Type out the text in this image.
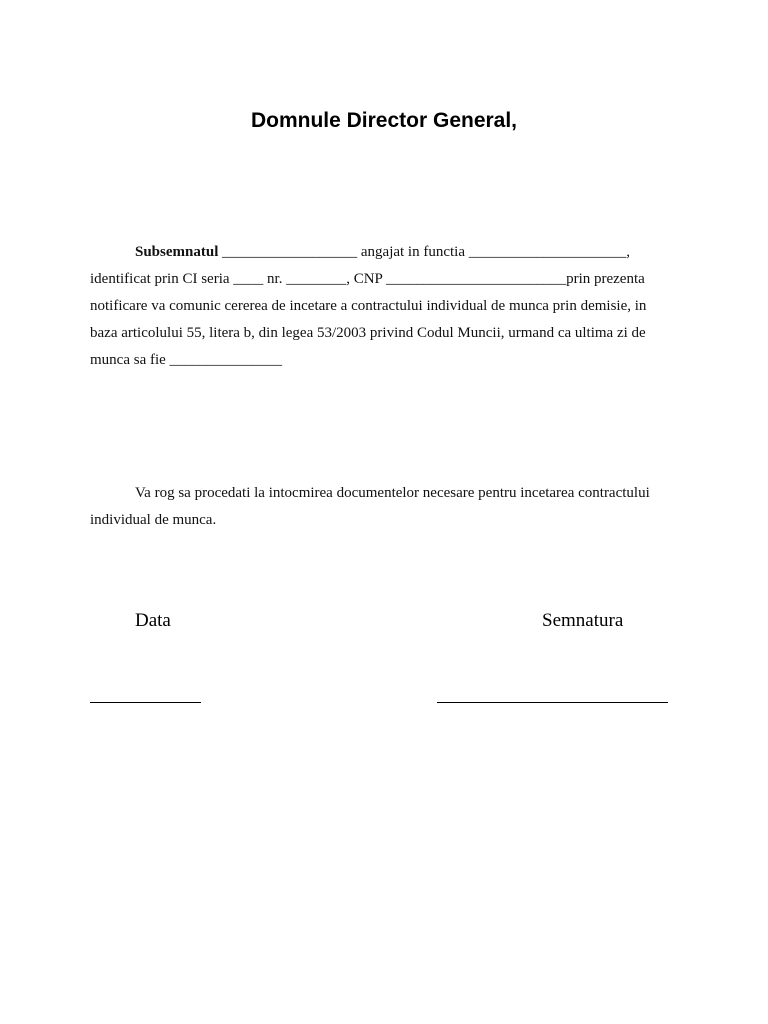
Domnule Director General,
Subsemnatul __________________ angajat in functia _____________________,
identificat prin CI seria ____ nr. ________, CNP ________________________prin prezenta
notificare va comunic cererea de incetare a contractului individual de munca prin demisie, in
baza articolului 55, litera b, din legea 53/2003 privind Codul Muncii, urmand ca ultima zi de
munca sa fie _______________
Va rog sa procedati la intocmirea documentelor necesare pentru incetarea contractului
individual de munca.
Data	Semnatura
